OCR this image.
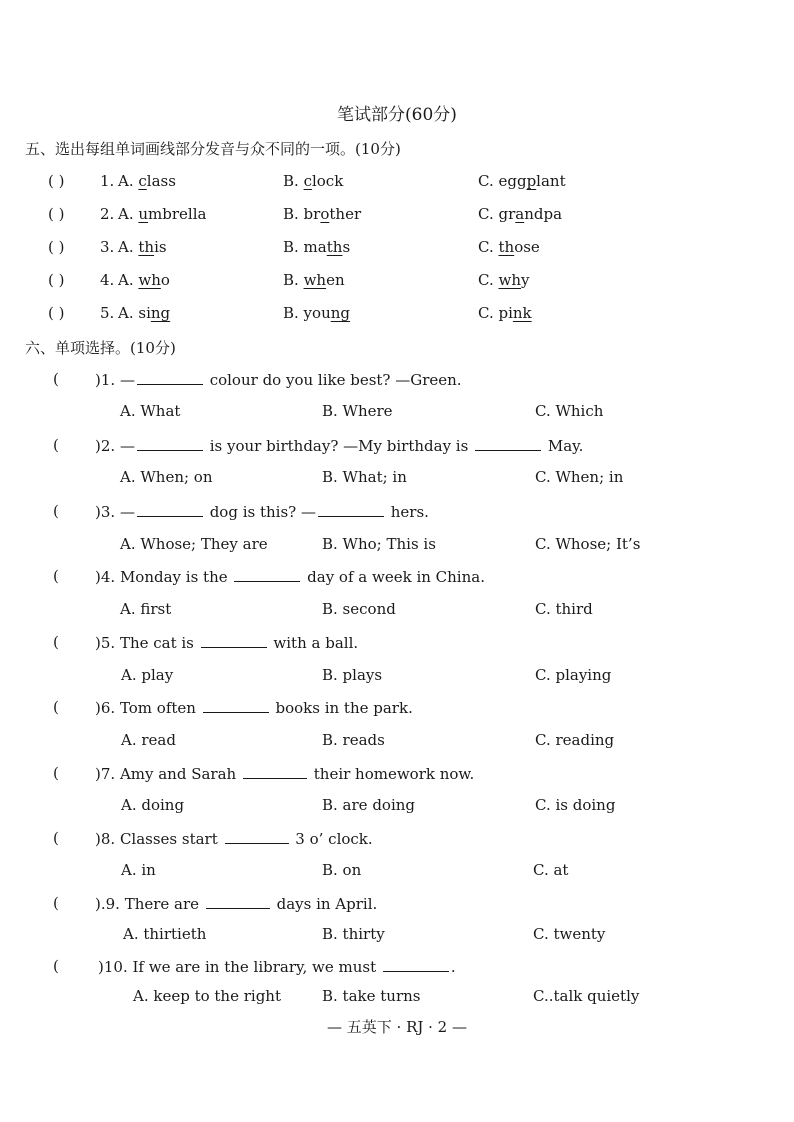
笔试部分(60分)
五、选出每组单词画线部分发音与众不同的一项。(10分)
( ) 1. A. class	B. clock	C. eggplant
( ) 2. A. umbrella	B. brother	C. grandpa
( ) 3. A. this	B. maths	C. those
( ) 4. A. who	B. when	C. why
( ) 5. A. sing	B. young	C. pink
六、单项选择。(10分)
( )1. —	colour do you like best? —Green.
A. What	B. Where	C. Which
( )2. —	is your birthday? —My birthday is	May.
A. When; on	B. What; in	C. When; in
( )3. —	dog is this? —	hers.
A. Whose; They are	B. Who; This is	C. Whose; It’s
( )4. Monday is the	day of a week in China.
A. first	B. second	C. third
( )5. The cat is	with a ball.
A. play	B. plays	C. playing
( )6. Tom often	books in the park.
A. read	B. reads	C. reading
( )7. Amy and Sarah	their homework now.
A. doing	B. are doing	C. is doing
( )8. Classes start	3 o’ clock.
A. in	B. on	C. at
( ).9. There are	days in April.
A. thirtieth	B. thirty	C. twenty
(	)10. If we are in the library, we must	.
A. keep to the right	B. take turns	C..talk quietly
— 五英下 · RJ · 2 —
